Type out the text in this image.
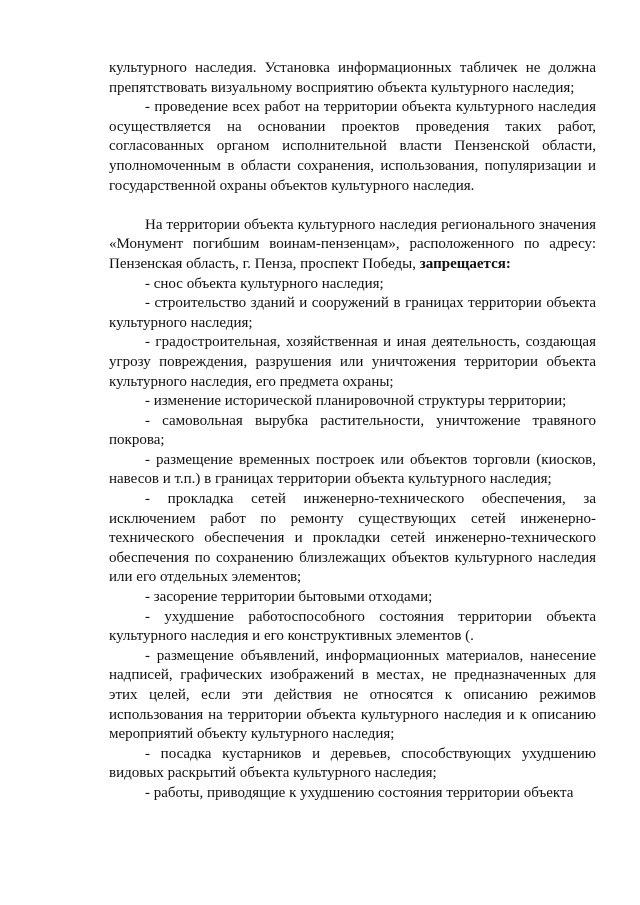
культурного наследия. Установка информационных табличек не должна препятствовать визуальному восприятию объекта культурного наследия;

- проведение всех работ на территории объекта культурного наследия осуществляется на основании проектов проведения таких работ, согласованных органом исполнительной власти Пензенской области, уполномоченным в области сохранения, использования, популяризации и государственной охраны объектов культурного наследия.

На территории объекта культурного наследия регионального значения «Монумент погибшим воинам-пензенцам», расположенного по адресу: Пензенская область, г. Пенза, проспект Победы, запрещается:

- снос объекта культурного наследия;

- строительство зданий и сооружений в границах территории объекта культурного наследия;

- градостроительная, хозяйственная и иная деятельность, создающая угрозу повреждения, разрушения или уничтожения территории объекта культурного наследия, его предмета охраны;

- изменение исторической планировочной структуры территории;

- самовольная вырубка растительности, уничтожение травяного покрова;

- размещение временных построек или объектов торговли (киосков, навесов и т.п.) в границах территории объекта культурного наследия;

- прокладка сетей инженерно-технического обеспечения, за исключением работ по ремонту существующих сетей инженерно-технического обеспечения и прокладки сетей инженерно-технического обеспечения по сохранению близлежащих объектов культурного наследия или его отдельных элементов;

- засорение территории бытовыми отходами;

- ухудшение работоспособного состояния территории объекта культурного наследия и его конструктивных элементов (.

- размещение объявлений, информационных материалов, нанесение надписей, графических изображений в местах, не предназначенных для этих целей, если эти действия не относятся к описанию режимов использования на территории объекта культурного наследия и к описанию мероприятий объекту культурного наследия;

- посадка кустарников и деревьев, способствующих ухудшению видовых раскрытий объекта культурного наследия;

- работы, приводящие к ухудшению состояния территории объекта
